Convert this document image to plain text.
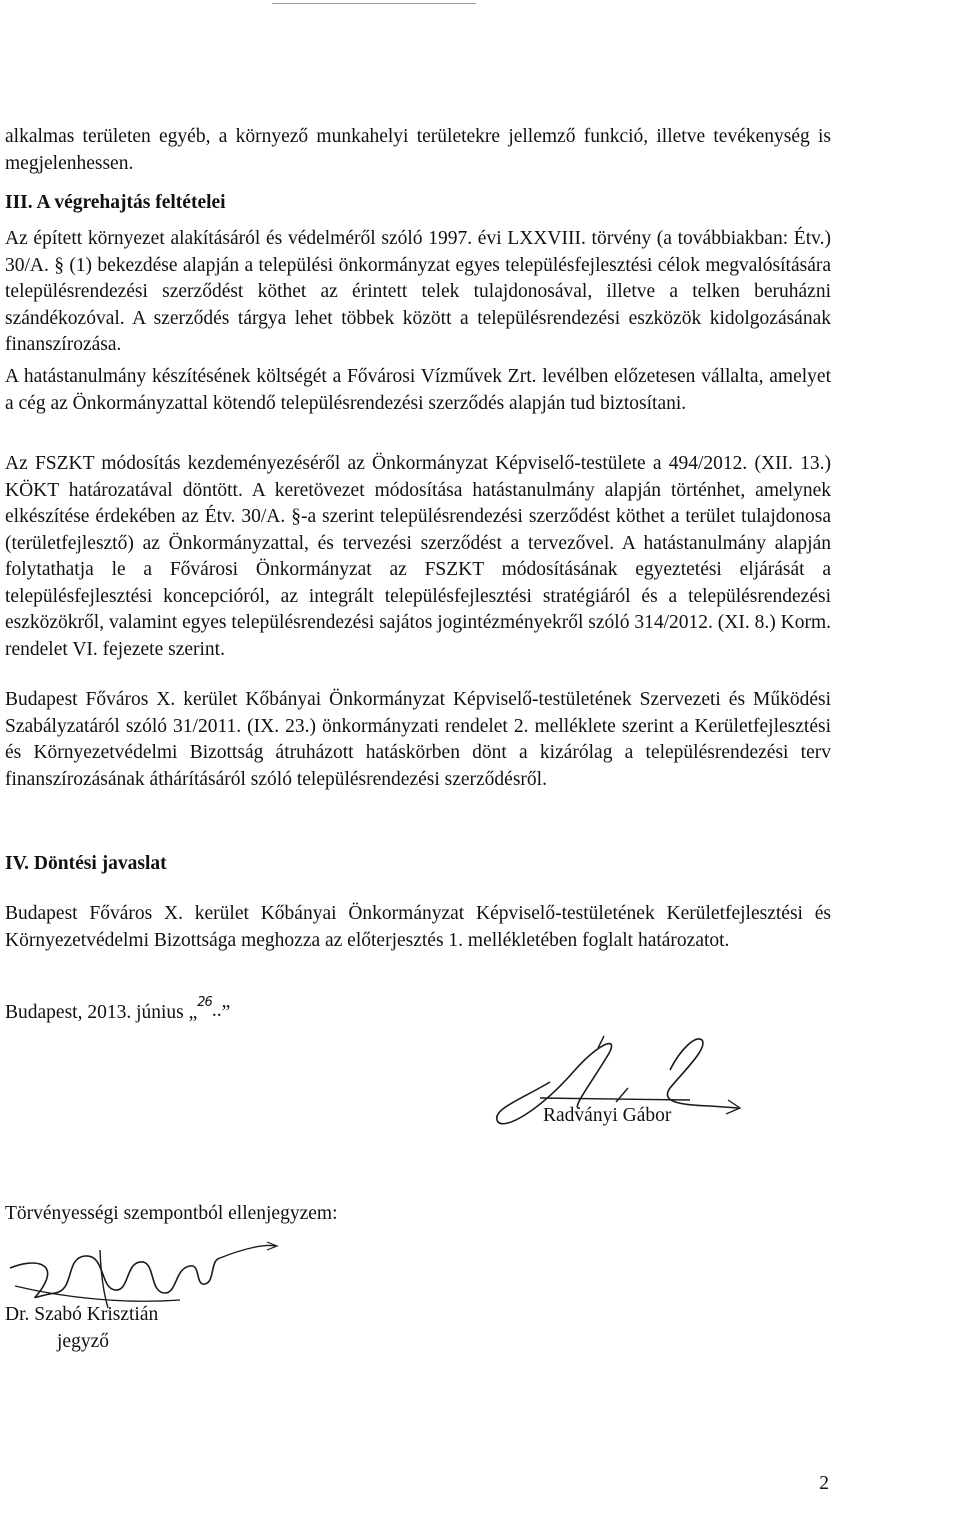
alkalmas területen egyéb, a környező munkahelyi területekre jellemző funkció, illetve tevékenység is megjelenhessen.

III. A végrehajtás feltételei

Az épített környezet alakításáról és védelméről szóló 1997. évi LXXVIII. törvény (a továbbiakban: Étv.) 30/A. § (1) bekezdése alapján a települési önkormányzat egyes településfejlesztési célok megvalósítására településrendezési szerződést köthet az érintett telek tulajdonosával, illetve a telken beruházni szándékozóval. A szerződés tárgya lehet többek között a településrendezési eszközök kidolgozásának finanszírozása.

A hatástanulmány készítésének költségét a Fővárosi Vízművek Zrt. levélben előzetesen vállalta, amelyet a cég az Önkormányzattal kötendő településrendezési szerződés alapján tud biztosítani.

Az FSZKT módosítás kezdeményezéséről az Önkormányzat Képviselő-testülete a 494/2012. (XII. 13.) KÖKT határozatával döntött. A keretövezet módosítása hatástanulmány alapján történhet, amelynek elkészítése érdekében az Étv. 30/A. §-a szerint településrendezési szerződést köthet a terület tulajdonosa (területfejlesztő) az Önkormányzattal, és tervezési szerződést a tervezővel. A hatástanulmány alapján folytathatja le a Fővárosi Önkormányzat az FSZKT módosításának egyeztetési eljárását a településfejlesztési koncepcióról, az integrált településfejlesztési stratégiáról és a településrendezési eszközökről, valamint egyes településrendezési sajátos jogintézményekről szóló 314/2012. (XI. 8.) Korm. rendelet VI. fejezete szerint.

Budapest Főváros X. kerület Kőbányai Önkormányzat Képviselő-testületének Szervezeti és Működési Szabályzatáról szóló 31/2011. (IX. 23.) önkormányzati rendelet 2. melléklete szerint a Kerületfejlesztési és Környezetvédelmi Bizottság átruházott hatáskörben dönt a kizárólag a településrendezési terv finanszírozásának áthárításáról szóló településrendezési szerződésről.

IV. Döntési javaslat

Budapest Főváros X. kerület Kőbányai Önkormányzat Képviselő-testületének Kerületfejlesztési és Környezetvédelmi Bizottsága meghozza az előterjesztés 1. mellékletében foglalt határozatot.

Budapest, 2013. június „$^{26}$..”
Radványi Gábor
Törvényességi szempontból ellenjegyzem:
Dr. Szabó Krisztián
jegyző
2
